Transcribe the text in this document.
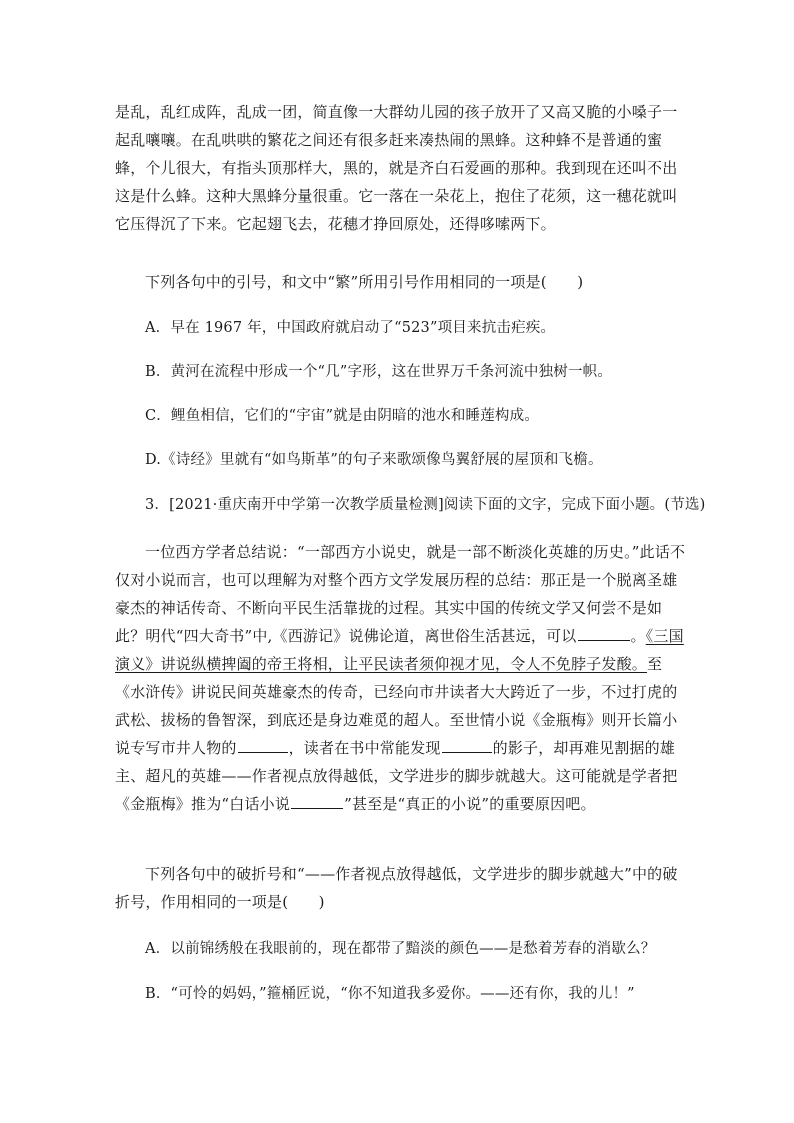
是乱，乱红成阵，乱成一团，简直像一大群幼儿园的孩子放开了又高又脆的小嗓子一起乱嚷嚷。在乱哄哄的繁花之间还有很多赶来凑热闹的黑蜂。这种蜂不是普通的蜜蜂，个儿很大，有指头顶那样大，黑的，就是齐白石爱画的那种。我到现在还叫不出这是什么蜂。这种大黑蜂分量很重。它一落在一朵花上，抱住了花须，这一穗花就叫它压得沉了下来。它起翅飞去，花穗才挣回原处，还得哆嗦两下。
下列各句中的引号，和文中“繁”所用引号作用相同的一项是(　　)
A．早在 1967 年，中国政府就启动了“523”项目来抗击疟疾。
B．黄河在流程中形成一个“几”字形，这在世界万千条河流中独树一帜。
C．鲤鱼相信，它们的“宇宙”就是由阴暗的池水和睡莲构成。
D.《诗经》里就有“如鸟斯革”的句子来歌颂像鸟翼舒展的屋顶和飞檐。
3．[2021·重庆南开中学第一次教学质量检测]阅读下面的文字，完成下面小题。(节选)
一位西方学者总结说：“一部西方小说史，就是一部不断淡化英雄的历史。”此话不仅对小说而言，也可以理解为对整个西方文学发展历程的总结：那正是一个脱离圣雄豪杰的神话传奇、不断向平民生活靠拢的过程。其实中国的传统文学又何尝不是如此？明代“四大奇书”中,《西游记》说佛论道，离世俗生活甚远，可以	。《三国演义》讲说纵横捭阖的帝王将相，让平民读者须仰视才见，令人不免脖子发酸。至《水浒传》讲说民间英雄豪杰的传奇，已经向市井读者大大跨近了一步，不过打虎的武松、拔杨的鲁智深，到底还是身边难觅的超人。至世情小说《金瓶梅》则开长篇小说专写市井人物的	，读者在书中常能发现	的影子，却再难见割据的雄主、超凡的英雄——作者视点放得越低，文学进步的脚步就越大。这可能就是学者把《金瓶梅》推为“白话小说	”甚至是“真正的小说”的重要原因吧。
下列各句中的破折号和“——作者视点放得越低，文学进步的脚步就越大”中的破折号，作用相同的一项是(　　)
A．以前锦绣般在我眼前的，现在都带了黯淡的颜色——是愁着芳春的消歇么？
B．“可怜的妈妈，”箍桶匠说，“你不知道我多爱你。——还有你，我的儿！”
